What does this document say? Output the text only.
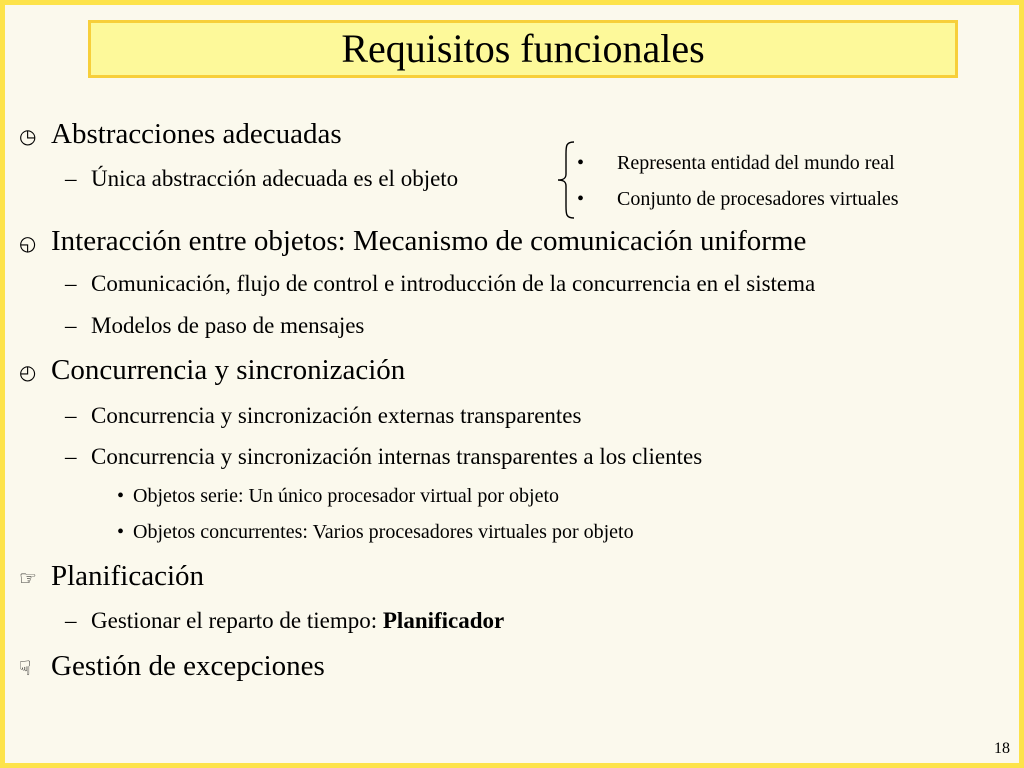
Requisitos funcionales
◷ Abstracciones adecuadas
– Única abstracción adecuada es el objeto
• Representa entidad del mundo real
• Conjunto de procesadores virtuales
◵ Interacción entre objetos: Mecanismo de comunicación uniforme
– Comunicación, flujo de control e introducción de la concurrencia en el sistema
– Modelos de paso de mensajes
◴ Concurrencia y sincronización
– Concurrencia y sincronización externas transparentes
– Concurrencia y sincronización internas transparentes a los clientes
• Objetos serie: Un único procesador virtual por objeto
• Objetos concurrentes: Varios procesadores virtuales por objeto
☞ Planificación
– Gestionar el reparto de tiempo: Planificador
☟ Gestión de excepciones
18
